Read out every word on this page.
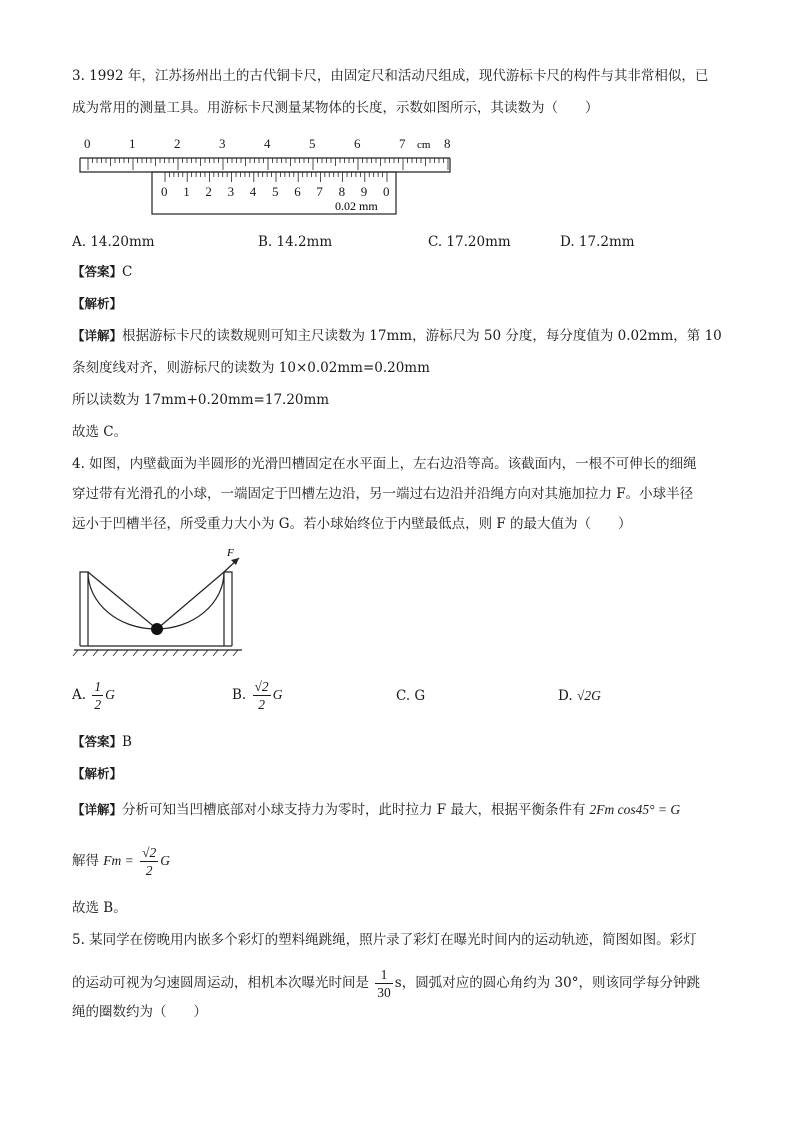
3. 1992 年，江苏扬州出土的古代铜卡尺，由固定尺和活动尺组成，现代游标卡尺的构件与其非常相似，已
成为常用的测量工具。用游标卡尺测量某物体的长度，示数如图所示，其读数为（　　）
0	1	2	3	4	5	6	7	8
cm
0 1 2 3 4 5 6 7 8 9 0
0.02 mm
A. 14.20mm	B. 14.2mm	C. 17.20mm	D. 17.2mm
【答案】C
【解析】
【详解】根据游标卡尺的读数规则可知主尺读数为 17mm，游标尺为 50 分度，每分度值为 0.02mm，第 10
条刻度线对齐，则游标尺的读数为 10×0.02mm=0.20mm
所以读数为 17mm+0.20mm=17.20mm
故选 C。
4. 如图，内壁截面为半圆形的光滑凹槽固定在水平面上，左右边沿等高。该截面内，一根不可伸长的细绳
穿过带有光滑孔的小球，一端固定于凹槽左边沿，另一端过右边沿并沿绳方向对其施加拉力 F。小球半径
远小于凹槽半径，所受重力大小为 G。若小球始终位于内壁最低点，则 F 的最大值为（　　）
F
A. $\frac{1}{2}$ G	B. $\frac{√2}{2}$ G	C. G	D. √2G
【答案】B
【解析】
【详解】分析可知当凹槽底部对小球支持力为零时，此时拉力 F 最大，根据平衡条件有 2Fm cos45° = G
解得 $Fm = \frac{√2}{2}$ G
故选 B。
5. 某同学在傍晚用内嵌多个彩灯的塑料绳跳绳，照片录了彩灯在曝光时间内的运动轨迹，简图如图。彩灯
的运动可视为匀速圆周运动，相机本次曝光时间是 $\frac{1}{30}$ s，圆弧对应的圆心角约为 30°，则该同学每分钟跳
绳的圈数约为（　　）
